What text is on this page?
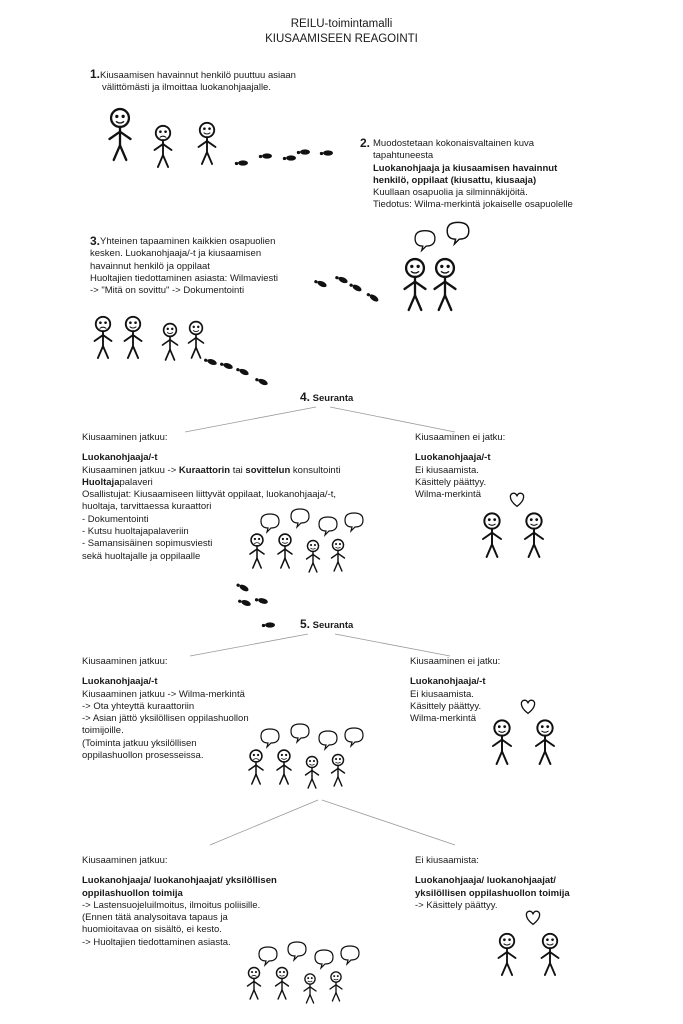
REILU-toimintamalli
KIUSAAMISEEN REAGOINTI
1.Kiusaamisen havainnut henkilö puuttuu asiaan
välittömästi ja ilmoittaa luokanohjaajalle.
2. Muodostetaan kokonaisvaltainen kuva
tapahtuneesta
Luokanohjaaja ja kiusaamisen havainnut
henkilö, oppilaat (kiusattu, kiusaaja)
Kuullaan osapuolia ja silminnäkijöitä.
Tiedotus: Wilma-merkintä jokaiselle osapuolelle
3. Yhteinen tapaaminen kaikkien osapuolien
kesken. Luokanohjaaja/-t ja kiusaamisen
havainnut henkilö ja oppilaat
Huoltajien tiedottaminen asiasta: Wilmaviesti
-> "Mitä on sovittu" -> Dokumentointi
4. Seuranta
Kiusaaminen jatkuu:
Luokanohjaaja/-t
Kiusaaminen jatkuu -> Kuraattorin tai sovittelun konsultointi
Huoltajapalaveri
Osallistujat: Kiusaamiseen liittyvät oppilaat, luokanohjaaja/-t,
huoltaja, tarvittaessa kuraattori
- Dokumentointi
- Kutsu huoltajapalaveriin
- Samansisäinen sopimusviesti
sekä huoltajalle ja oppilaalle
Kiusaaminen ei jatku:
Luokanohjaaja/-t
Ei kiusaamista.
Käsittely päättyy.
Wilma-merkintä
5. Seuranta
Kiusaaminen jatkuu:
Luokanohjaaja/-t
Kiusaaminen jatkuu -> Wilma-merkintä
-> Ota yhteyttä kuraattoriin
-> Asian jättö yksilöllisen oppilashuollon
toimijoille.
(Toiminta jatkuu yksilöllisen
oppilashuollon prosesseissa.
Kiusaaminen ei jatku:
Luokanohjaaja/-t
Ei kiusaamista.
Käsittely päättyy.
Wilma-merkintä
Kiusaaminen jatkuu:
Luokanohjaaja/ luokanohjaajat/ yksilöllisen
oppilashuollon toimija
-> Lastensuojeluilmoitus, ilmoitus poliisille.
(Ennen tätä analysoitava tapaus ja
huomioitavaa on sisältö, ei kesto.
-> Huoltajien tiedottaminen asiasta.
Ei kiusaamista:
Luokanohjaaja/ luokanohjaajat/
yksilöllisen oppilashuollon toimija
-> Käsittely päättyy.
